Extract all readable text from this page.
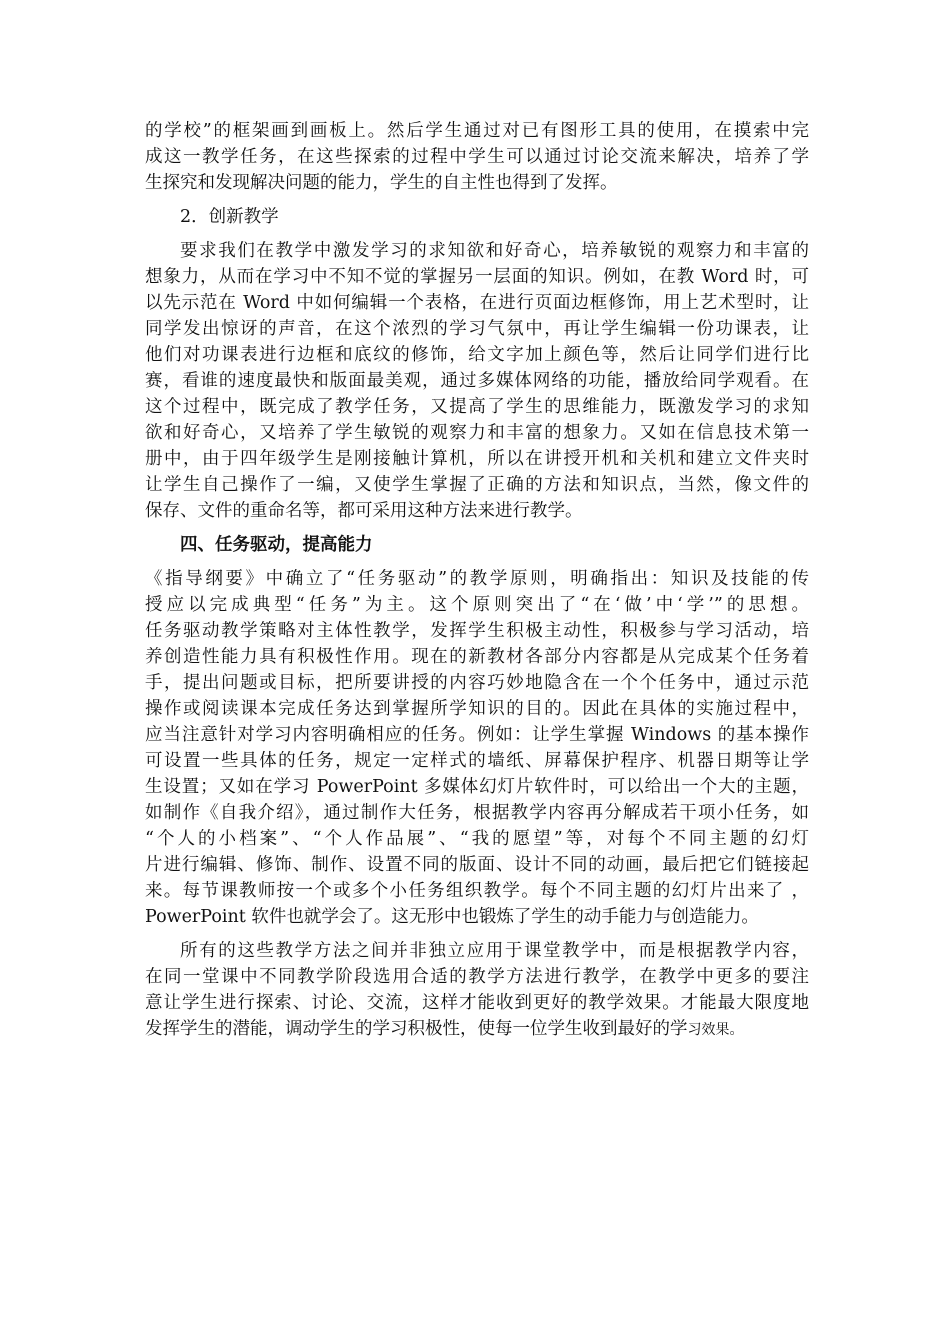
的学校”的框架画到画板上。然后学生通过对已有图形工具的使用，在摸索中完
成这一教学任务，在这些探索的过程中学生可以通过讨论交流来解决，培养了学
生探究和发现解决问题的能力，学生的自主性也得到了发挥。
2．创新教学
要求我们在教学中激发学习的求知欲和好奇心，培养敏锐的观察力和丰富的
想象力，从而在学习中不知不觉的掌握另一层面的知识。例如，在教 Word 时，可
以先示范在 Word 中如何编辑一个表格，在进行页面边框修饰，用上艺术型时，让
同学发出惊讶的声音，在这个浓烈的学习气氛中，再让学生编辑一份功课表，让
他们对功课表进行边框和底纹的修饰，给文字加上颜色等，然后让同学们进行比
赛，看谁的速度最快和版面最美观，通过多媒体网络的功能，播放给同学观看。在
这个过程中，既完成了教学任务，又提高了学生的思维能力，既激发学习的求知
欲和好奇心，又培养了学生敏锐的观察力和丰富的想象力。又如在信息技术第一
册中，由于四年级学生是刚接触计算机，所以在讲授开机和关机和建立文件夹时
让学生自己操作了一编，又使学生掌握了正确的方法和知识点，当然，像文件的
保存、文件的重命名等，都可采用这种方法来进行教学。
四、任务驱动，提高能力
《指导纲要》中确立了“任务驱动”的教学原则，明确指出：知识及技能的传
授应以完成典型“任务”为主。这个原则突出了“在‘做’中‘学’”的思想。
任务驱动教学策略对主体性教学，发挥学生积极主动性，积极参与学习活动，培
养创造性能力具有积极性作用。现在的新教材各部分内容都是从完成某个任务着
手，提出问题或目标，把所要讲授的内容巧妙地隐含在一个个任务中，通过示范
操作或阅读课本完成任务达到掌握所学知识的目的。因此在具体的实施过程中，
应当注意针对学习内容明确相应的任务。例如：让学生掌握 Windows 的基本操作
可设置一些具体的任务，规定一定样式的墙纸、屏幕保护程序、机器日期等让学
生设置；又如在学习 PowerPoint 多媒体幻灯片软件时，可以给出一个大的主题，
如制作《自我介绍》，通过制作大任务，根据教学内容再分解成若干项小任务，如
“个人的小档案”、“个人作品展”、“我的愿望”等，对每个不同主题的幻灯
片进行编辑、修饰、制作、设置不同的版面、设计不同的动画，最后把它们链接起
来。每节课教师按一个或多个小任务组织教学。每个不同主题的幻灯片出来了 ，
PowerPoint 软件也就学会了。这无形中也锻炼了学生的动手能力与创造能力。
所有的这些教学方法之间并非独立应用于课堂教学中，而是根据教学内容，
在同一堂课中不同教学阶段选用合适的教学方法进行教学，在教学中更多的要注
意让学生进行探索、讨论、交流，这样才能收到更好的教学效果。才能最大限度地
发挥学生的潜能，调动学生的学习积极性，使每一位学生收到最好的学习效果。
